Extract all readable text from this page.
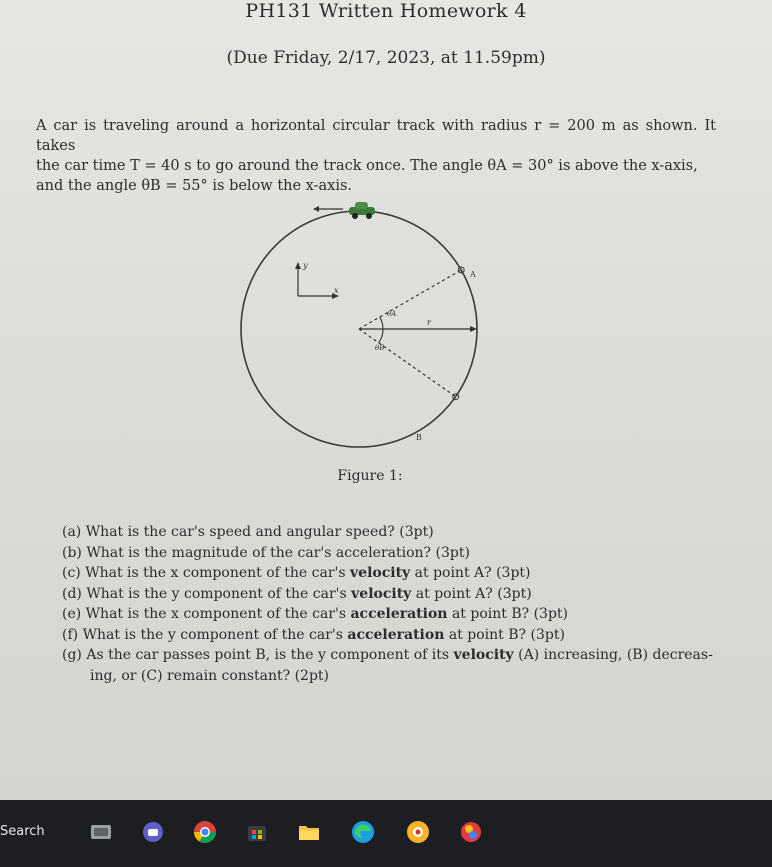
PH131 Written Homework 4
(Due Friday, 2/17, 2023, at 11.59pm)
A car is traveling around a horizontal circular track with radius r = 200 m as shown. It takes
the car time T = 40 s to go around the track once. The angle θA = 30° is above the x-axis,
and the angle θB = 55° is below the x-axis.
y
x
r
A
B
θA
θB
Figure 1:
(a) What is the car's speed and angular speed? (3pt)
(b) What is the magnitude of the car's acceleration? (3pt)
(c) What is the x component of the car's velocity at point A? (3pt)
(d) What is the y component of the car's velocity at point A? (3pt)
(e) What is the x component of the car's acceleration at point B? (3pt)
(f) What is the y component of the car's acceleration at point B? (3pt)
(g) As the car passes point B, is the y component of its velocity (A) increasing, (B) decreas-
ing, or (C) remain constant? (2pt)
Search
